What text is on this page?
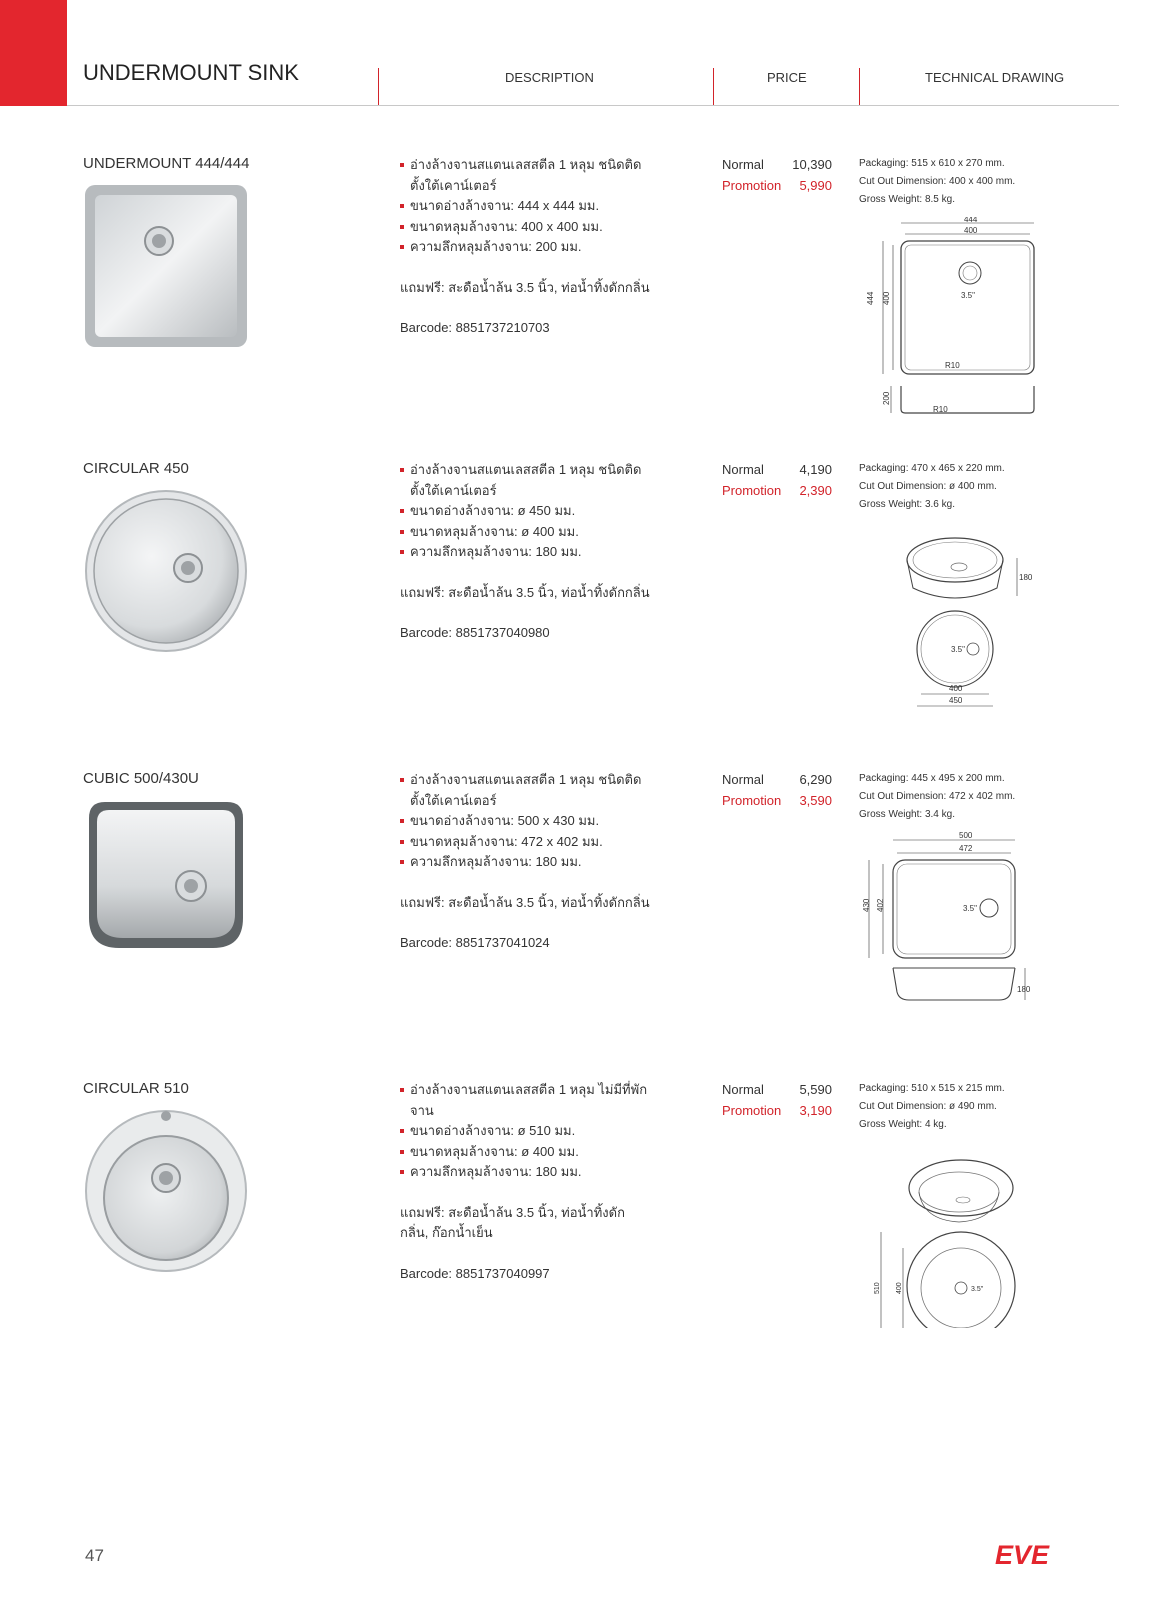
UNDERMOUNT SINK	DESCRIPTION	PRICE	TECHNICAL DRAWING
UNDERMOUNT 444/444	อ่างล้างจานสแตนเลสสตีล 1 หลุม ชนิดติดตั้งใต้เคาน์เตอร์
ขนาดอ่างล้างจาน: 444 x 444 มม.
ขนาดหลุมล้างจาน: 400 x 400 มม.
ความลึกหลุมล้างจาน: 200 มม.
แถมฟรี: สะดือน้ำล้น 3.5 นิ้ว, ท่อน้ำทิ้งดักกลิ่น
Barcode: 8851737210703
Normal 10,390
Promotion 5,990
Packaging: 515 x 610 x 270 mm.
Cut Out Dimension: 400 x 400 mm.
Gross Weight: 8.5 kg.
444
400
3.5"
R10
444 400
200
R10
CIRCULAR 450	อ่างล้างจานสแตนเลสสตีล 1 หลุม ชนิดติดตั้งใต้เคาน์เตอร์
ขนาดอ่างล้างจาน: ø 450 มม.
ขนาดหลุมล้างจาน: ø 400 มม.
ความลึกหลุมล้างจาน: 180 มม.
แถมฟรี: สะดือน้ำล้น 3.5 นิ้ว, ท่อน้ำทิ้งดักกลิ่น
Barcode: 8851737040980
Normal	4,190
Promotion 2,390
Packaging: 470 x 465 x 220 mm.
Cut Out Dimension: ø 400 mm.
Gross Weight: 3.6 kg.
180
3.5"
400
450
CUBIC 500/430U	อ่างล้างจานสแตนเลสสตีล 1 หลุม ชนิดติดตั้งใต้เคาน์เตอร์
ขนาดอ่างล้างจาน: 500 x 430 มม.
ขนาดหลุมล้างจาน: 472 x 402 มม.
ความลึกหลุมล้างจาน: 180 มม.
แถมฟรี: สะดือน้ำล้น 3.5 นิ้ว, ท่อน้ำทิ้งดักกลิ่น
Barcode: 8851737041024
Normal	6,290
Promotion 3,590
Packaging: 445 x 495 x 200 mm.
Cut Out Dimension: 472 x 402 mm.
Gross Weight: 3.4 kg.
500
472
3.5"
430 402
180
CIRCULAR 510	อ่างล้างจานสแตนเลสสตีล 1 หลุม ไม่มีที่พักจาน
ขนาดอ่างล้างจาน: ø 510 มม.
ขนาดหลุมล้างจาน: ø 400 มม.
ความลึกหลุมล้างจาน: 180 มม.
แถมฟรี: สะดือน้ำล้น 3.5 นิ้ว, ท่อน้ำทิ้งดักกลิ่น, ก๊อกน้ำเย็น
Barcode: 8851737040997
Normal	5,590
Promotion 3,190
Packaging: 510 x 515 x 215 mm.
Cut Out Dimension: ø 490 mm.
Gross Weight: 4 kg.
3.5"
510 400
47	EVE
